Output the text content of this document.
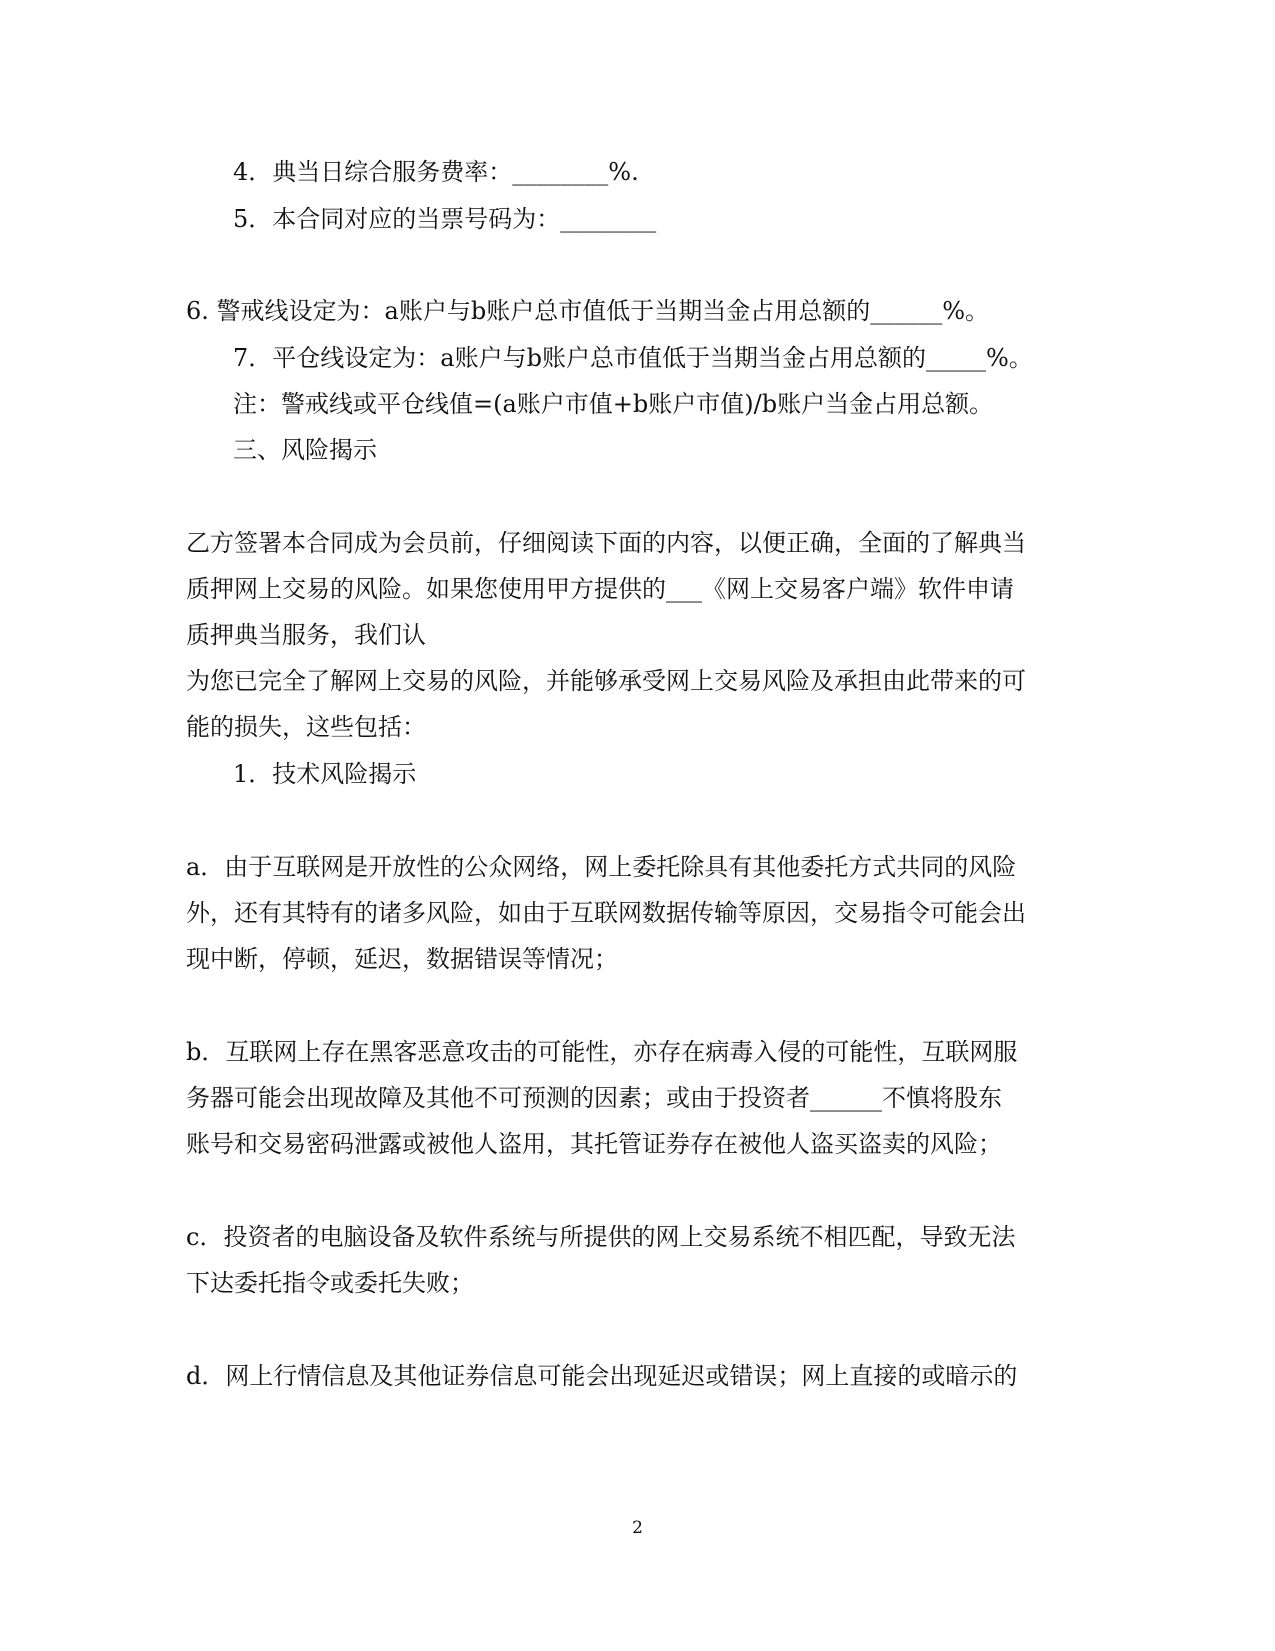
4．典当日综合服务费率：________%.
5．本合同对应的当票号码为：________
6. 警戒线设定为：a账户与b账户总市值低于当期当金占用总额的______%。
7．平仓线设定为：a账户与b账户总市值低于当期当金占用总额的_____%。
注：警戒线或平仓线值=(a账户市值+b账户市值)/b账户当金占用总额。
三、风险揭示
乙方签署本合同成为会员前，仔细阅读下面的内容，以便正确，全面的了解典当
质押网上交易的风险。如果您使用甲方提供的___《网上交易客户端》软件申请
质押典当服务，我们认
为您已完全了解网上交易的风险，并能够承受网上交易风险及承担由此带来的可
能的损失，这些包括：
1．技术风险揭示
a．由于互联网是开放性的公众网络，网上委托除具有其他委托方式共同的风险
外，还有其特有的诸多风险，如由于互联网数据传输等原因，交易指令可能会出
现中断，停顿，延迟，数据错误等情况；
b．互联网上存在黑客恶意攻击的可能性，亦存在病毒入侵的可能性，互联网服
务器可能会出现故障及其他不可预测的因素；或由于投资者______不慎将股东
账号和交易密码泄露或被他人盗用，其托管证券存在被他人盗买盗卖的风险；
c．投资者的电脑设备及软件系统与所提供的网上交易系统不相匹配，导致无法
下达委托指令或委托失败；
d．网上行情信息及其他证券信息可能会出现延迟或错误；网上直接的或暗示的
2
